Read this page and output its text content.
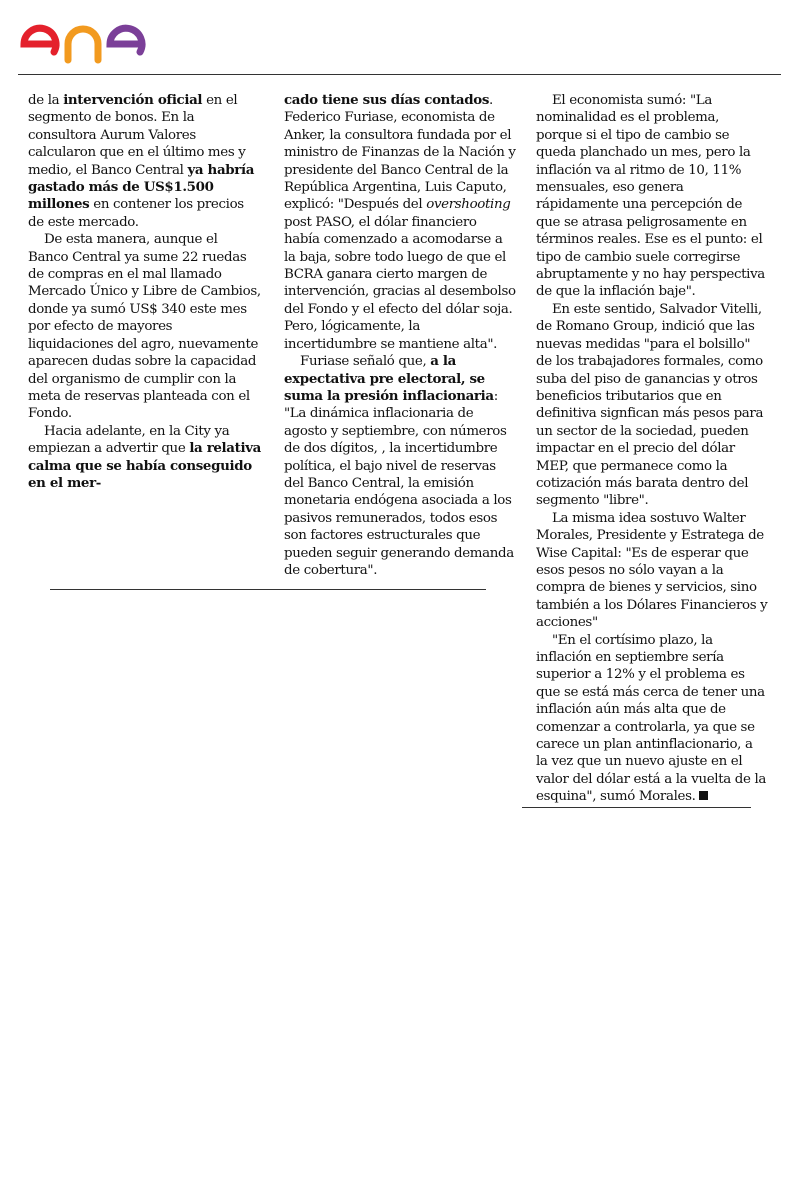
de la intervención oficial en el segmento de bonos. En la consultora Aurum Valores calcularon que en el último mes y medio, el Banco Central ya habría gastado más de US$1.500 millones en contener los precios de este mercado.

De esta manera, aunque el Banco Central ya sume 22 ruedas de compras en el mal llamado Mercado Único y Libre de Cambios, donde ya sumó US$ 340 este mes por efecto de mayores liquidaciones del agro, nuevamente aparecen dudas sobre la capacidad del organismo de cumplir con la meta de reservas planteada con el Fondo.

Hacia adelante, en la City ya empiezan a advertir que la relativa calma que se había conseguido en el mer-

cado tiene sus días contados. Federico Furiase, economista de Anker, la consultora fundada por el ministro de Finanzas de la Nación y presidente del Banco Central de la República Argentina, Luis Caputo, explicó: "Después del overshooting post PASO, el dólar financiero había comenzado a acomodarse a la baja, sobre todo luego de que el BCRA ganara cierto margen de intervención, gracias al desembolso del Fondo y el efecto del dólar soja. Pero, lógicamente, la incertidumbre se mantiene alta".

Furiase señaló que, a la expectativa pre electoral, se suma la presión inflacionaria: "La dinámica inflacionaria de agosto y septiembre, con números de dos dígitos, , la incertidumbre política, el bajo nivel de reservas del Banco Central, la emisión monetaria endógena asociada a los pasivos remunerados, todos esos son factores estructurales que pueden seguir generando demanda de cobertura".

El economista sumó: "La nominalidad es el problema, porque si el tipo de cambio se queda planchado un mes, pero la inflación va al ritmo de 10, 11% mensuales, eso genera rápidamente una percepción de que se atrasa peligrosamente en términos reales. Ese es el punto: el tipo de cambio suele corregirse abruptamente y no hay perspectiva de que la inflación baje".

En este sentido, Salvador Vitelli, de Romano Group, indició que las nuevas medidas "para el bolsillo" de los trabajadores formales, como suba del piso de ganancias y otros beneficios tributarios que en definitiva signfican más pesos para un sector de la sociedad, pueden impactar en el precio del dólar MEP, que permanece como la cotización más barata dentro del segmento "libre".

La misma idea sostuvo Walter Morales, Presidente y Estratega de Wise Capital: "Es de esperar que esos pesos no sólo vayan a la compra de bienes y servicios, sino también a los Dólares Financieros y acciones"

"En el cortísimo plazo, la inflación en septiembre sería superior a 12% y el problema es que se está más cerca de tener una inflación aún más alta que de comenzar a controlarla, ya que se carece un plan antinflacionario, a la vez que un nuevo ajuste en el valor del dólar está a la vuelta de la esquina", sumó Morales.
